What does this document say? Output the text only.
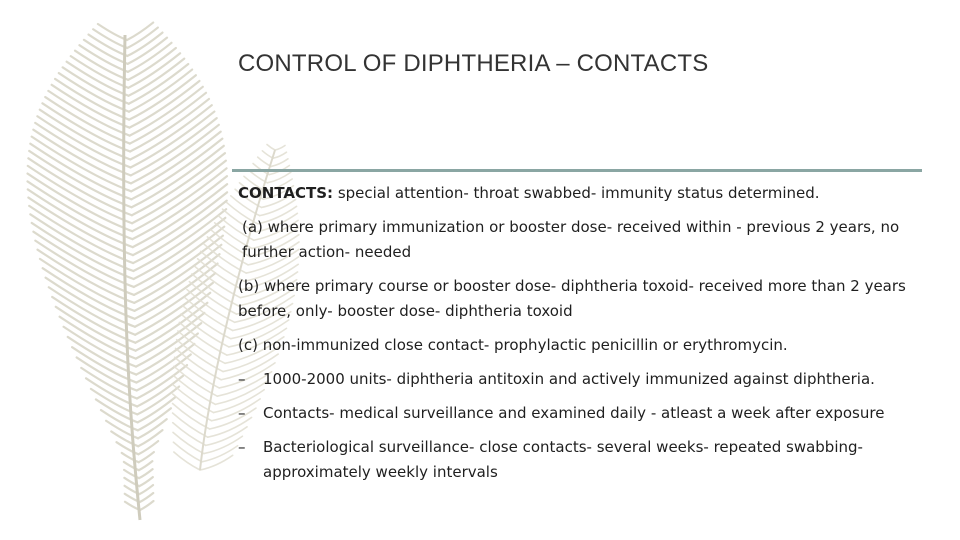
CONTROL OF DIPHTHERIA – CONTACTS

CONTACTS: special attention- throat swabbed- immunity status determined.

(a) where primary immunization or booster dose- received within - previous 2 years, no further action- needed

(b) where primary course or booster dose- diphtheria toxoid- received more than 2 years before, only- booster dose- diphtheria toxoid

(c) non-immunized close contact- prophylactic penicillin or erythromycin.

– 1000-2000 units- diphtheria antitoxin and actively immunized against diphtheria.
– Contacts- medical surveillance and examined daily - atleast a week after exposure
– Bacteriological surveillance- close contacts- several weeks- repeated swabbing- approximately weekly intervals
